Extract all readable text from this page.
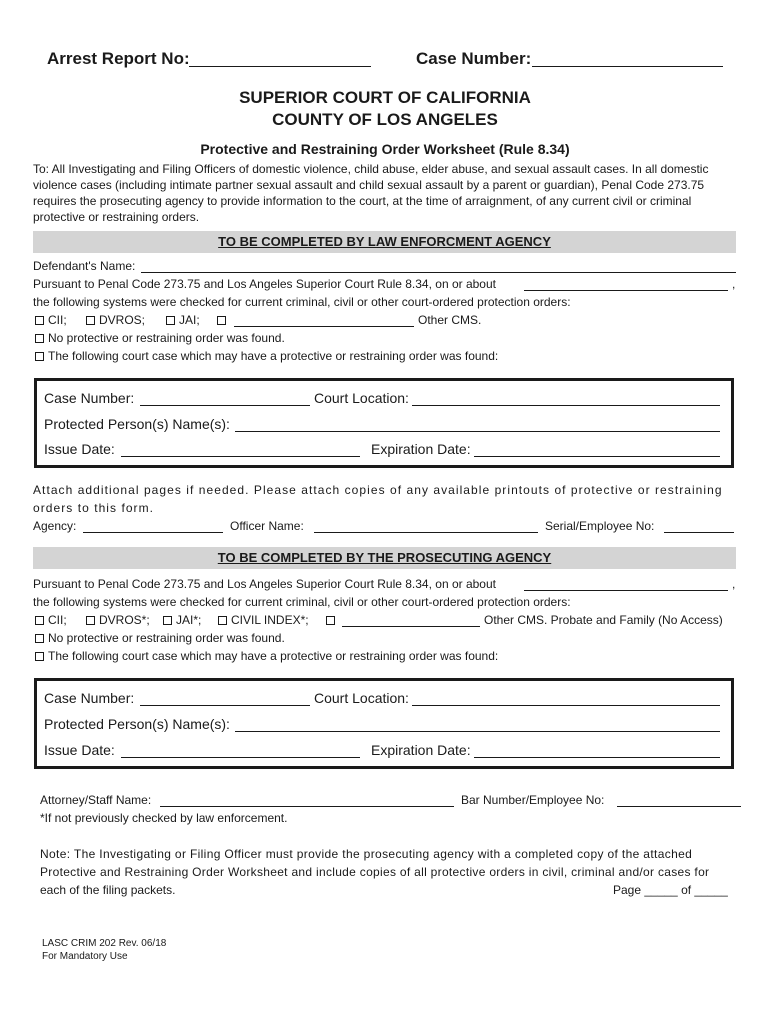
Arrest Report No:	Case Number:
SUPERIOR COURT OF CALIFORNIA
COUNTY OF LOS ANGELES
Protective and Restraining Order Worksheet (Rule 8.34)
To: All Investigating and Filing Officers of domestic violence, child abuse, elder abuse, and sexual assault cases. In all domestic
violence cases (including intimate partner sexual assault and child sexual assault by a parent or guardian), Penal Code 273.75
requires the prosecuting agency to provide information to the court, at the time of arraignment, of any current civil or criminal
protective or restraining orders.
TO BE COMPLETED BY LAW ENFORCMENT AGENCY
Defendant's Name:
Pursuant to Penal Code 273.75 and Los Angeles Superior Court Rule 8.34, on or about	,
the following systems were checked for current criminal, civil or other court-ordered protection orders:
CII;	DVROS;	JAI;	Other CMS.
No protective or restraining order was found.
The following court case which may have a protective or restraining order was found:
Case Number:	Court Location:
Protected Person(s) Name(s):
Issue Date:	Expiration Date:
Attach additional pages if needed. Please attach copies of any available printouts of protective or restraining
orders to this form.
Agency:	Officer Name:	Serial/Employee No:
TO BE COMPLETED BY THE PROSECUTING AGENCY
Pursuant to Penal Code 273.75 and Los Angeles Superior Court Rule 8.34, on or about	,
the following systems were checked for current criminal, civil or other court-ordered protection orders:
CII;	DVROS*;	JAI*;	CIVIL INDEX*;	Other CMS. Probate and Family (No Access)
No protective or restraining order was found.
The following court case which may have a protective or restraining order was found:
Case Number:	Court Location:
Protected Person(s) Name(s):
Issue Date:	Expiration Date:
Attorney/Staff Name:	Bar Number/Employee No:
*If not previously checked by law enforcement.
Note: The Investigating or Filing Officer must provide the prosecuting agency with a completed copy of the attached
Protective and Restraining Order Worksheet and include copies of all protective orders in civil, criminal and/or cases for
each of the filing packets.	Page _____ of _____
LASC CRIM 202 Rev. 06/18
For Mandatory Use
